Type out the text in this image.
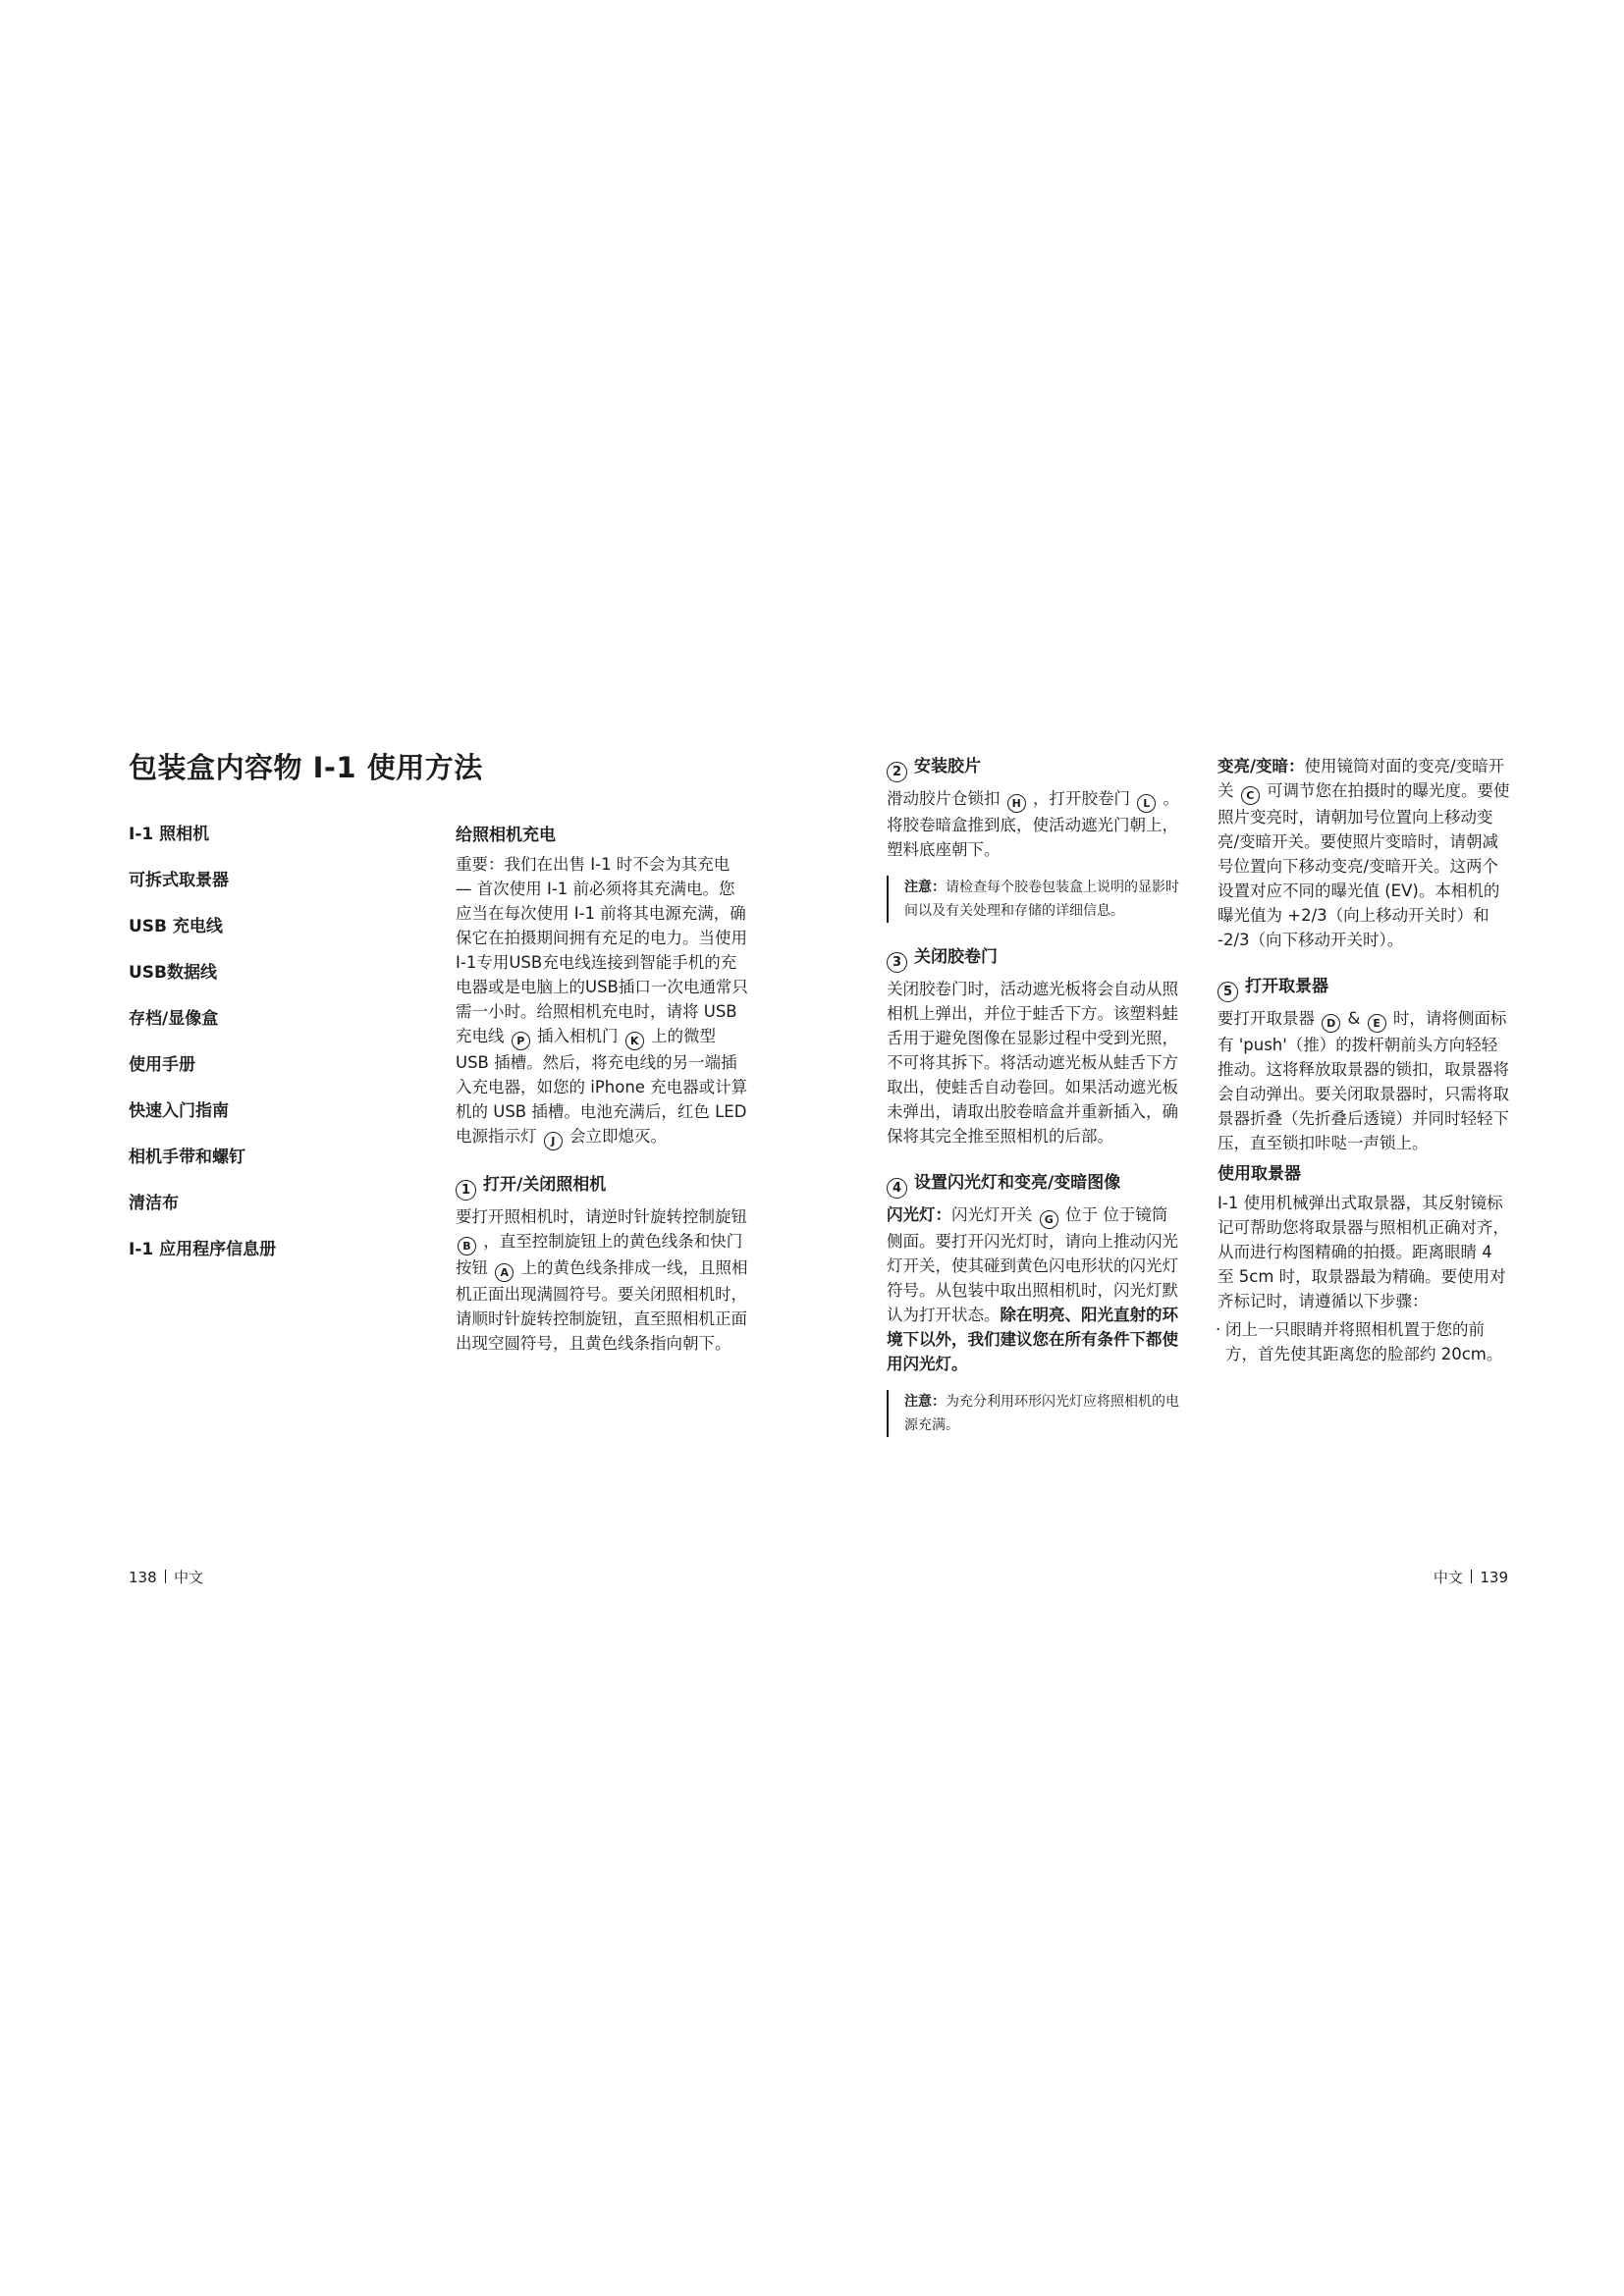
包装盒内容物 I-1 使用方法
I-1 照相机
可拆式取景器
USB 充电线
USB数据线
存档/显像盒
使用手册
快速入门指南
相机手带和螺钉
清洁布
I-1 应用程序信息册
给照相机充电

重要：我们在出售 I-1 时不会为其充电 — 首次使用 I-1 前必须将其充满电。您应当在每次使用 I-1 前将其电源充满，确保它在拍摄期间拥有充足的电力。当使用I-1专用USB充电线连接到智能手机的充电器或是电脑上的USB插口一次电通常只需一小时。给照相机充电时，请将 USB 充电线 P 插入相机门 K 上的微型 USB 插槽。然后，将充电线的另一端插入充电器，如您的 iPhone 充电器或计算机的 USB 插槽。电池充满后，红色 LED 电源指示灯 J 会立即熄灭。

1 打开/关闭照相机

要打开照相机时，请逆时针旋转控制旋钮 B ，直至控制旋钮上的黄色线条和快门按钮 A 上的黄色线条排成一线，且照相机正面出现满圆符号。要关闭照相机时，请顺时针旋转控制旋钮，直至照相机正面出现空圆符号，且黄色线条指向朝下。

2 安装胶片

滑动胶片仓锁扣 H ，打开胶卷门 L 。将胶卷暗盒推到底，使活动遮光门朝上，塑料底座朝下。

注意：请检查每个胶卷包装盒上说明的显影时间以及有关处理和存储的详细信息。
3 关闭胶卷门

关闭胶卷门时，活动遮光板将会自动从照相机上弹出，并位于蛙舌下方。该塑料蛙舌用于避免图像在显影过程中受到光照，不可将其拆下。将活动遮光板从蛙舌下方取出，使蛙舌自动卷回。如果活动遮光板未弹出，请取出胶卷暗盒并重新插入，确保将其完全推至照相机的后部。

4 设置闪光灯和变亮/变暗图像

闪光灯：闪光灯开关 G 位于 位于镜筒侧面。要打开闪光灯时，请向上推动闪光灯开关，使其碰到黄色闪电形状的闪光灯符号。从包装中取出照相机时，闪光灯默认为打开状态。除在明亮、阳光直射的环境下以外，我们建议您在所有条件下都使用闪光灯。

注意：为充分利用环形闪光灯应将照相机的电源充满。

变亮/变暗：使用镜筒对面的变亮/变暗开关 C 可调节您在拍摄时的曝光度。要使照片变亮时，请朝加号位置向上移动变亮/变暗开关。要使照片变暗时，请朝减号位置向下移动变亮/变暗开关。这两个设置对应不同的曝光值 (EV)。本相机的曝光值为 +2/3（向上移动开关时）和 -2/3（向下移动开关时）。

5 打开取景器

要打开取景器 D & E 时，请将侧面标有 'push'（推）的拨杆朝前头方向轻轻推动。这将释放取景器的锁扣，取景器将会自动弹出。要关闭取景器时，只需将取景器折叠（先折叠后透镜）并同时轻轻下压，直至锁扣咔哒一声锁上。

使用取景器

I-1 使用机械弹出式取景器，其反射镜标记可帮助您将取景器与照相机正确对齐，从而进行构图精确的拍摄。距离眼睛 4 至 5cm 时，取景器最为精确。要使用对齐标记时，请遵循以下步骤：

· 闭上一只眼睛并将照相机置于您的前方，首先使其距离您的脸部约 20cm。
138 中文	中文 139
